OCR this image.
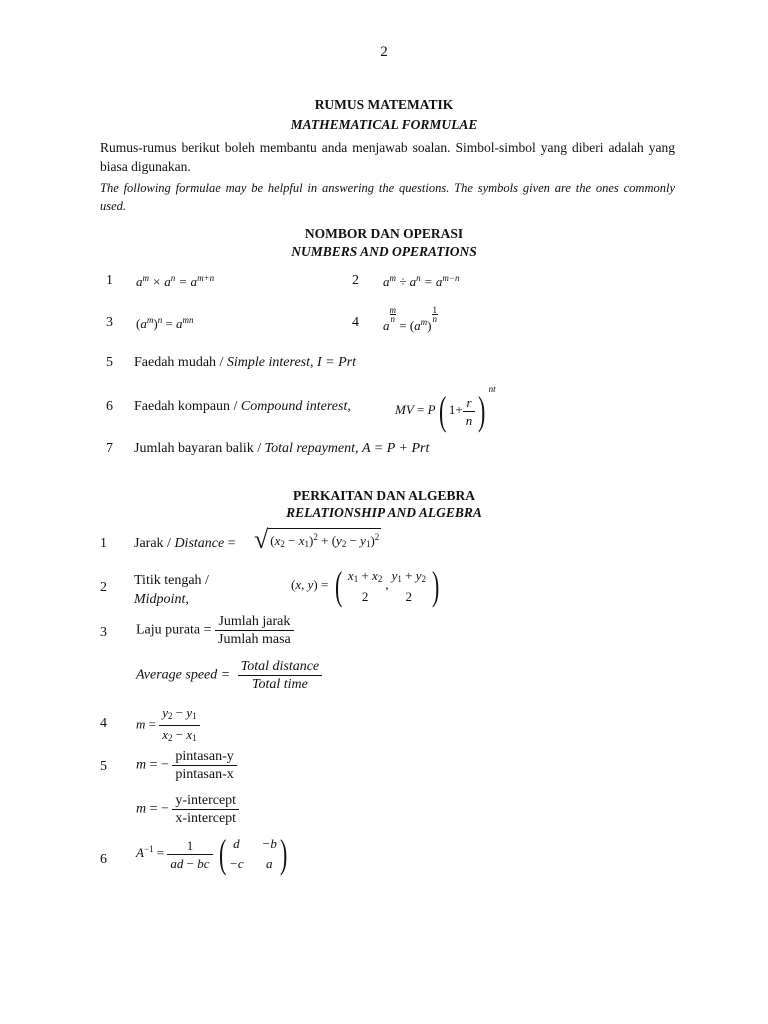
2
RUMUS MATEMATIK
MATHEMATICAL FORMULAE
Rumus-rumus berikut boleh membantu anda menjawab soalan. Simbol-simbol yang diberi adalah yang biasa digunakan.
The following formulae may be helpful in answering the questions. The symbols given are the ones commonly used.
NOMBOR DAN OPERASI
NUMBERS AND OPERATIONS
1 $a^m \times a^n = a^{m+n}$	2 $a^m \div a^n = a^{m-n}$
3 $(a^m)^n = a^{mn}$	4 $a\frac{m}{n} = (a^m)1$
n
5 Faedah mudah / Simple interest, I = Prt
6 Faedah kompaun / Compound interest,	MV = P( $1+ \frac{r}{n}$ ) $^{nt}$
7 Jumlah bayaran balik / Total repayment, A = P + Prt
PERKAITAN DAN ALGEBRA
RELATIONSHIP AND ALGEBRA
1 Jarak / Distance = √ $(x_2 - x_1)^2 + (y_2 - y_1)^2$
2 Titik tengah /
Midpoint,
(x, y) = ( $x_1 + x_2$
2
,
$y_1 + y_2$
2 )
3 Laju purata = $\frac{\text{Jumlah jarak}}{\text{Jumlah masa}}$
Average speed = $\frac{\text{Total distance}}{\text{Total time}}$
4 $m = \frac{y_2 - y_1}{x_2 - x_1}$
5 m = − $\frac{\text{pintasan-y}}{\text{pintasan-x}}$
m = − $\frac{\text{y-intercept}}{\text{x-intercept}}$
6 $A^{-1} = \frac{1}{ad - bc}$ ( d	−b
−c	a )
